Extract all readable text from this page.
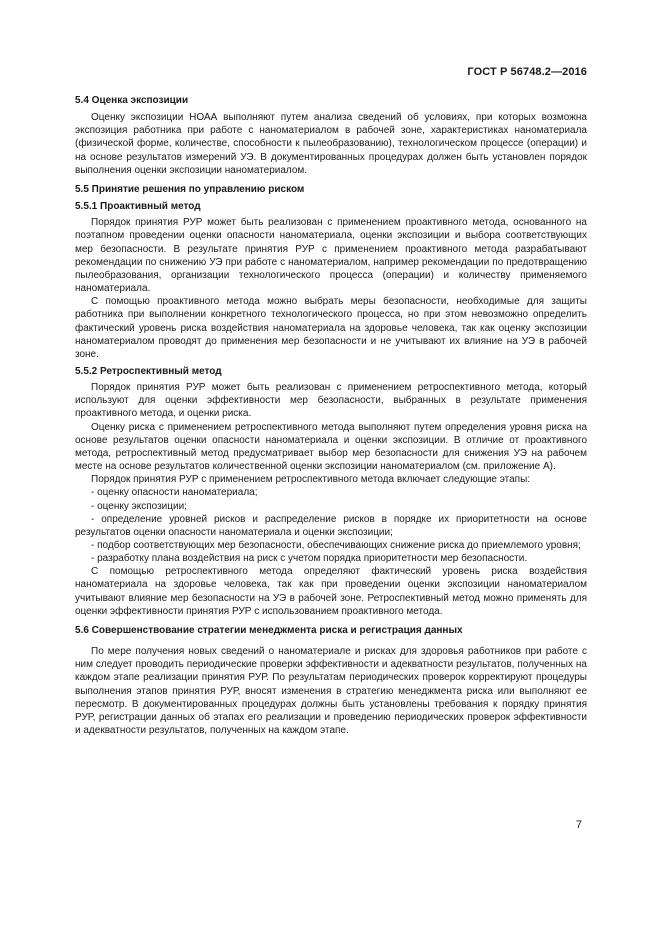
ГОСТ Р 56748.2—2016

5.4 Оценка экспозиции

Оценку экспозиции НОАА выполняют путем анализа сведений об условиях, при которых возможна экспозиция работника при работе с наноматериалом в рабочей зоне, характеристиках наноматериала (физической форме, количестве, способности к пылеобразованию), технологическом процессе (операции) и на основе результатов измерений УЭ. В документированных процедурах должен быть установлен порядок выполнения оценки экспозиции наноматериалом.

5.5 Принятие решения по управлению риском

5.5.1 Проактивный метод

Порядок принятия РУР может быть реализован с применением проактивного метода, основанного на поэтапном проведении оценки опасности наноматериала, оценки экспозиции и выбора соответствующих мер безопасности. В результате принятия РУР с применением проактивного метода разрабатывают рекомендации по снижению УЭ при работе с наноматериалом, например рекомендации по предотвращению пылеобразования, организации технологического процесса (операции) и количеству применяемого наноматериала.

С помощью проактивного метода можно выбрать меры безопасности, необходимые для защиты работника при выполнении конкретного технологического процесса, но при этом невозможно определить фактический уровень риска воздействия наноматериала на здоровье человека, так как оценку экспозиции наноматериалом проводят до применения мер безопасности и не учитывают их влияние на УЭ в рабочей зоне.

5.5.2 Ретроспективный метод

Порядок принятия РУР может быть реализован с применением ретроспективного метода, который используют для оценки эффективности мер безопасности, выбранных в результате применения проактивного метода, и оценки риска.

Оценку риска с применением ретроспективного метода выполняют путем определения уровня риска на основе результатов оценки опасности наноматериала и оценки экспозиции. В отличие от проактивного метода, ретроспективный метод предусматривает выбор мер безопасности для снижения УЭ на рабочем месте на основе результатов количественной оценки экспозиции наноматериалом (см. приложение А).

Порядок принятия РУР с применением ретроспективного метода включает следующие этапы:

- оценку опасности наноматериала;

- оценку экспозиции;

- определение уровней рисков и распределение рисков в порядке их приоритетности на основе результатов оценки опасности наноматериала и оценки экспозиции;

- подбор соответствующих мер безопасности, обеспечивающих снижение риска до приемлемого уровня;

- разработку плана воздействия на риск с учетом порядка приоритетности мер безопасности.

С помощью ретроспективного метода определяют фактический уровень риска воздействия наноматериала на здоровье человека, так как при проведении оценки экспозиции наноматериалом учитывают влияние мер безопасности на УЭ в рабочей зоне. Ретроспективный метод можно применять для оценки эффективности принятия РУР с использованием проактивного метода.

5.6 Совершенствование стратегии менеджмента риска и регистрация данных

По мере получения новых сведений о наноматериале и рисках для здоровья работников при работе с ним следует проводить периодические проверки эффективности и адекватности результатов, полученных на каждом этапе реализации принятия РУР. По результатам периодических проверок корректируют процедуры выполнения этапов принятия РУР, вносят изменения в стратегию менеджмента риска или выполняют ее пересмотр. В документированных процедурах должны быть установлены требования к порядку принятия РУР, регистрации данных об этапах его реализации и проведению периодических проверок эффективности и адекватности результатов, полученных на каждом этапе.

7
